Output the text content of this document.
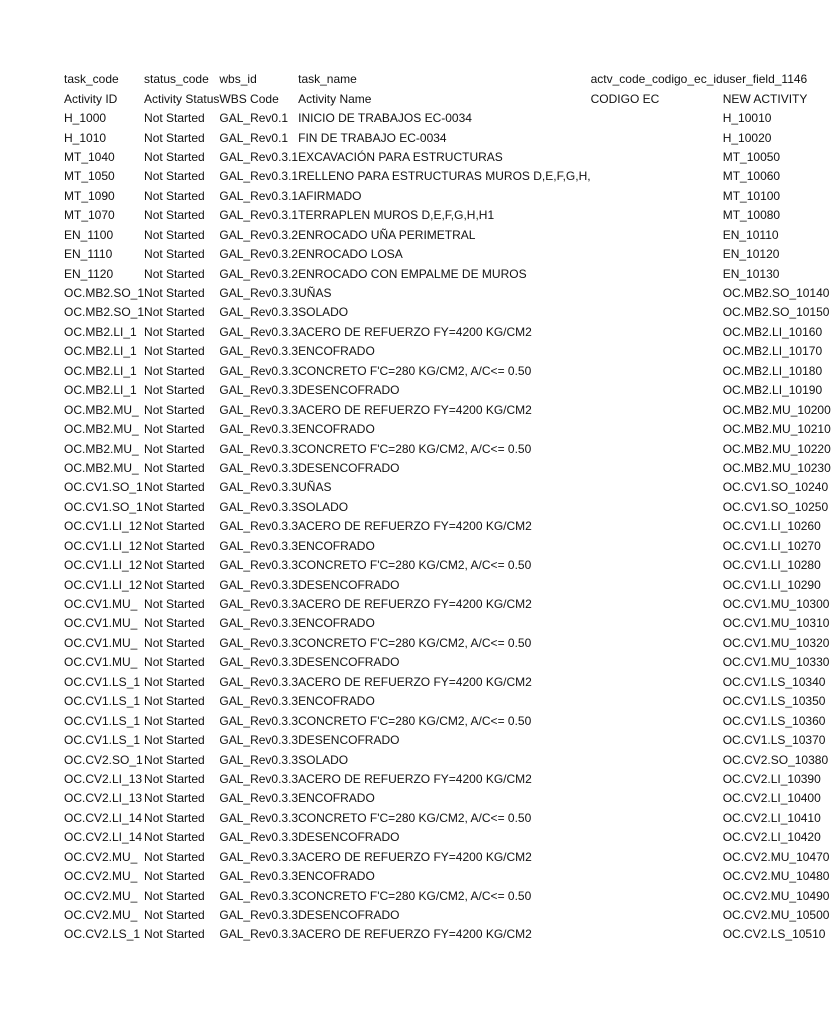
task_code	status_code	wbs_id	task_name	actv_code_codigo_ec_id	user_field_1146
Activity ID	Activity Status	WBS Code	Activity Name	CODIGO EC	NEW ACTIVITY
H_1000	Not Started	GAL_Rev0.1	INICIO DE TRABAJOS EC-0034		H_10010
H_1010	Not Started	GAL_Rev0.1	FIN DE TRABAJO EC-0034		H_10020
MT_1040	Not Started	GAL_Rev0.3.1	EXCAVACIÓN PARA ESTRUCTURAS		MT_10050
MT_1050	Not Started	GAL_Rev0.3.1	RELLENO PARA ESTRUCTURAS MUROS D,E,F,G,H,		MT_10060
MT_1090	Not Started	GAL_Rev0.3.1	AFIRMADO		MT_10100
MT_1070	Not Started	GAL_Rev0.3.1	TERRAPLEN MUROS D,E,F,G,H,H1		MT_10080
EN_1100	Not Started	GAL_Rev0.3.2	ENROCADO UÑA PERIMETRAL		EN_10110
EN_1110	Not Started	GAL_Rev0.3.2	ENROCADO LOSA		EN_10120
EN_1120	Not Started	GAL_Rev0.3.2	ENROCADO CON EMPALME DE MUROS		EN_10130
OC.MB2.SO_1	Not Started	GAL_Rev0.3.3	UÑAS		OC.MB2.SO_10140
OC.MB2.SO_1	Not Started	GAL_Rev0.3.3	SOLADO		OC.MB2.SO_10150
OC.MB2.LI_1	Not Started	GAL_Rev0.3.3	ACERO DE REFUERZO FY=4200 KG/CM2		OC.MB2.LI_10160
OC.MB2.LI_1	Not Started	GAL_Rev0.3.3	ENCOFRADO		OC.MB2.LI_10170
OC.MB2.LI_1	Not Started	GAL_Rev0.3.3	CONCRETO F'C=280 KG/CM2, A/C<= 0.50		OC.MB2.LI_10180
OC.MB2.LI_1	Not Started	GAL_Rev0.3.3	DESENCOFRADO		OC.MB2.LI_10190
OC.MB2.MU_	Not Started	GAL_Rev0.3.3	ACERO DE REFUERZO FY=4200 KG/CM2		OC.MB2.MU_10200
OC.MB2.MU_	Not Started	GAL_Rev0.3.3	ENCOFRADO		OC.MB2.MU_10210
OC.MB2.MU_	Not Started	GAL_Rev0.3.3	CONCRETO F'C=280 KG/CM2, A/C<= 0.50		OC.MB2.MU_10220
OC.MB2.MU_	Not Started	GAL_Rev0.3.3	DESENCOFRADO		OC.MB2.MU_10230
OC.CV1.SO_1	Not Started	GAL_Rev0.3.3	UÑAS		OC.CV1.SO_10240
OC.CV1.SO_1	Not Started	GAL_Rev0.3.3	SOLADO		OC.CV1.SO_10250
OC.CV1.LI_12	Not Started	GAL_Rev0.3.3	ACERO DE REFUERZO FY=4200 KG/CM2		OC.CV1.LI_10260
OC.CV1.LI_12	Not Started	GAL_Rev0.3.3	ENCOFRADO		OC.CV1.LI_10270
OC.CV1.LI_12	Not Started	GAL_Rev0.3.3	CONCRETO F'C=280 KG/CM2, A/C<= 0.50		OC.CV1.LI_10280
OC.CV1.LI_12	Not Started	GAL_Rev0.3.3	DESENCOFRADO		OC.CV1.LI_10290
OC.CV1.MU_	Not Started	GAL_Rev0.3.3	ACERO DE REFUERZO FY=4200 KG/CM2		OC.CV1.MU_10300
OC.CV1.MU_	Not Started	GAL_Rev0.3.3	ENCOFRADO		OC.CV1.MU_10310
OC.CV1.MU_	Not Started	GAL_Rev0.3.3	CONCRETO F'C=280 KG/CM2, A/C<= 0.50		OC.CV1.MU_10320
OC.CV1.MU_	Not Started	GAL_Rev0.3.3	DESENCOFRADO		OC.CV1.MU_10330
OC.CV1.LS_1	Not Started	GAL_Rev0.3.3	ACERO DE REFUERZO FY=4200 KG/CM2		OC.CV1.LS_10340
OC.CV1.LS_1	Not Started	GAL_Rev0.3.3	ENCOFRADO		OC.CV1.LS_10350
OC.CV1.LS_1	Not Started	GAL_Rev0.3.3	CONCRETO F'C=280 KG/CM2, A/C<= 0.50		OC.CV1.LS_10360
OC.CV1.LS_1	Not Started	GAL_Rev0.3.3	DESENCOFRADO		OC.CV1.LS_10370
OC.CV2.SO_1	Not Started	GAL_Rev0.3.3	SOLADO		OC.CV2.SO_10380
OC.CV2.LI_13	Not Started	GAL_Rev0.3.3	ACERO DE REFUERZO FY=4200 KG/CM2		OC.CV2.LI_10390
OC.CV2.LI_13	Not Started	GAL_Rev0.3.3	ENCOFRADO		OC.CV2.LI_10400
OC.CV2.LI_14	Not Started	GAL_Rev0.3.3	CONCRETO F'C=280 KG/CM2, A/C<= 0.50		OC.CV2.LI_10410
OC.CV2.LI_14	Not Started	GAL_Rev0.3.3	DESENCOFRADO		OC.CV2.LI_10420
OC.CV2.MU_	Not Started	GAL_Rev0.3.3	ACERO DE REFUERZO FY=4200 KG/CM2		OC.CV2.MU_10470
OC.CV2.MU_	Not Started	GAL_Rev0.3.3	ENCOFRADO		OC.CV2.MU_10480
OC.CV2.MU_	Not Started	GAL_Rev0.3.3	CONCRETO F'C=280 KG/CM2, A/C<= 0.50		OC.CV2.MU_10490
OC.CV2.MU_	Not Started	GAL_Rev0.3.3	DESENCOFRADO		OC.CV2.MU_10500
OC.CV2.LS_1	Not Started	GAL_Rev0.3.3	ACERO DE REFUERZO FY=4200 KG/CM2		OC.CV2.LS_10510
